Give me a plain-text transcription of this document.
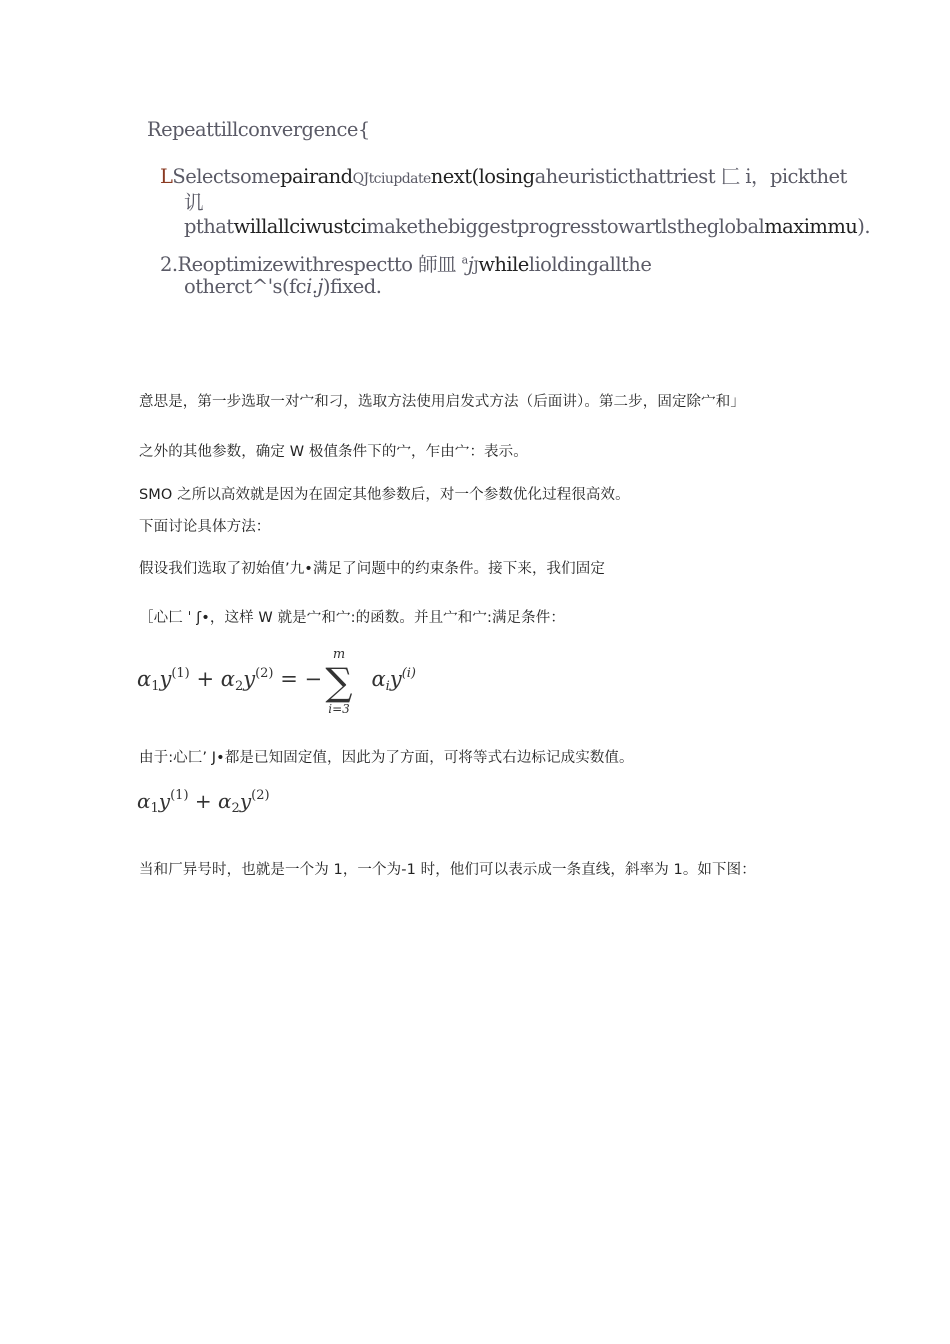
Repeattillconvergence{
LSelectsomepairandQJtciupdatenext(losingaheuristicthattriest 匚 i，pickthet
讥
pthatwillallciwustcimakethebiggestprogresstowartlstheglobalmaximmu).
2.Reoptimizewithrespectto 師皿 $^a$jJwhilelioldingallthe
otherct^'s(fci.j)fixed.
意思是，第一步选取一对宀和刁，选取方法使用启发式方法（后面讲）。第二步，固定除宀和」
之外的其他参数，确定 W 极值条件下的宀，乍由宀：表示。
SMO 之所以高效就是因为在固定其他参数后，对一个参数优化过程很高效。
下面讨论具体方法：
假设我们选取了初始值’九•满足了问题中的约束条件。接下来，我们固定
［心匚 ˈ ʃ•，这样 W 就是宀和宀:的函数。并且宀和宀:满足条件：
$\alpha_1y^{(1)} + \alpha_2y^{(2)}$ = − $\alpha_iy^{(i)}$
m
∑
i=3
由于:心匚’ J•都是已知固定值，因此为了方面，可将等式右边标记成实数值。
$\alpha_1y^{(1)} + \alpha_2y^{(2)}$
当和厂异号时，也就是一个为 1，一个为-1 时，他们可以表示成一条直线，斜率为 1。如下图：
